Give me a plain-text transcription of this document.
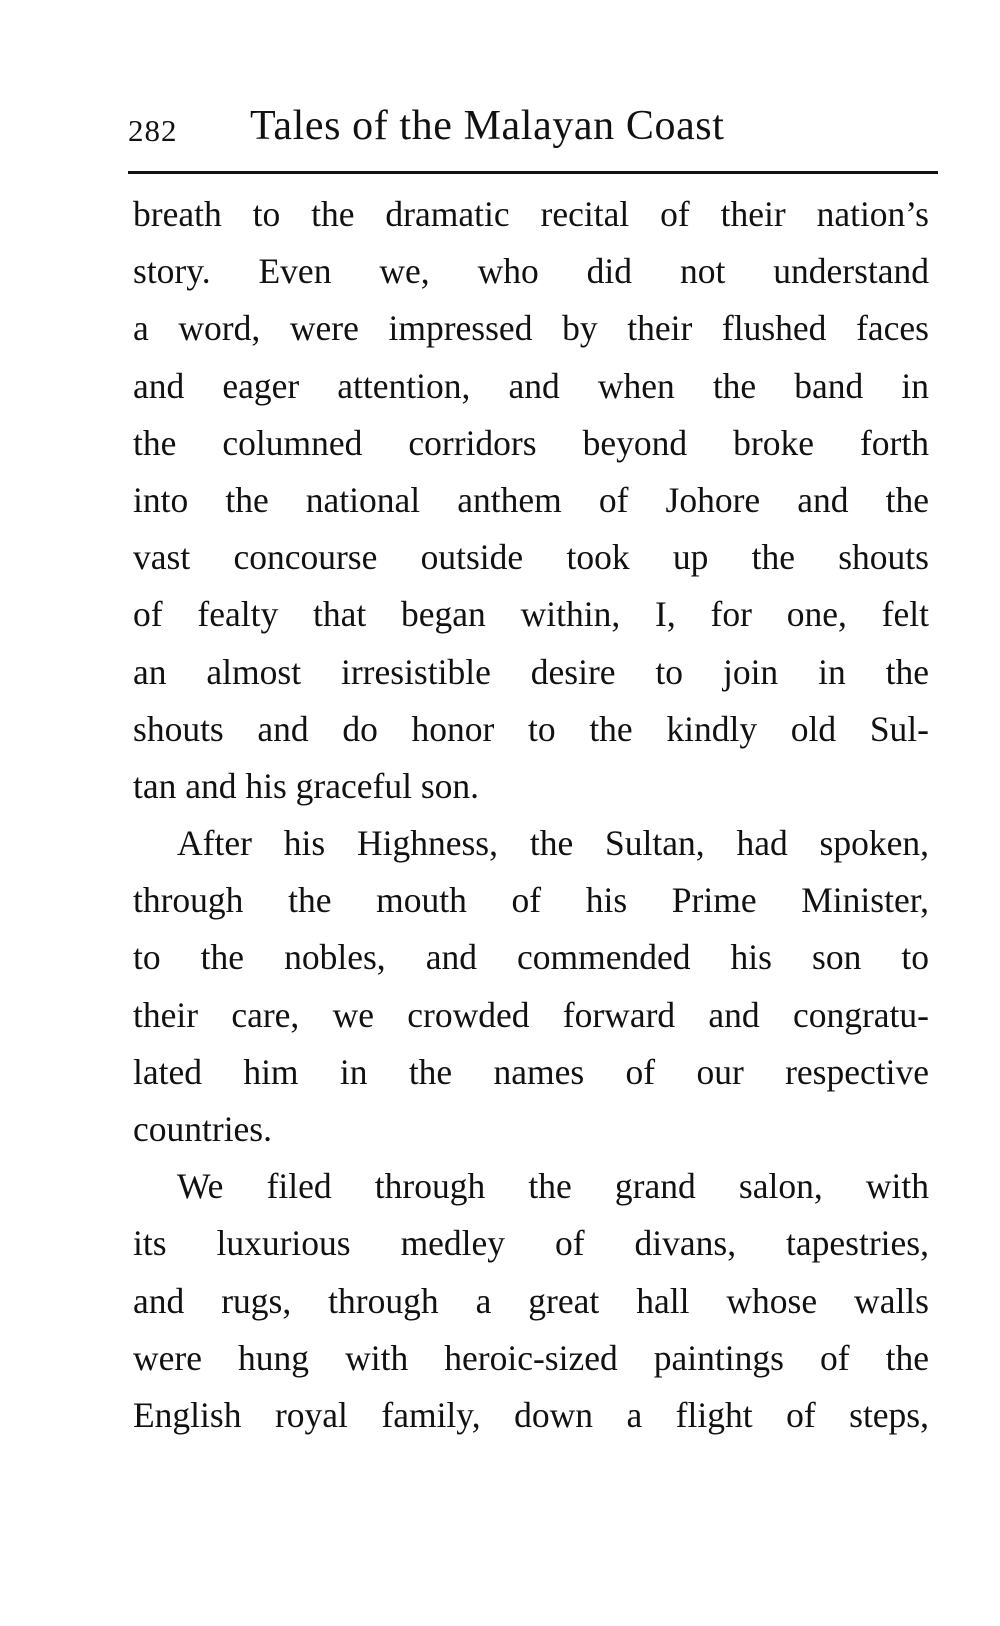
282 Tales of the Malayan Coast
breath to the dramatic recital of their nation’s
story. Even we, who did not understand
a word, were impressed by their flushed faces
and eager attention, and when the band in
the columned corridors beyond broke forth
into the national anthem of Johore and the
vast concourse outside took up the shouts
of fealty that began within, I, for one, felt
an almost irresistible desire to join in the
shouts and do honor to the kindly old Sul-
tan and his graceful son.
After his Highness, the Sultan, had spoken,
through the mouth of his Prime Minister,
to the nobles, and commended his son to
their care, we crowded forward and congratu-
lated him in the names of our respective
countries.
We filed through the grand salon, with
its luxurious medley of divans, tapestries,
and rugs, through a great hall whose walls
were hung with heroic-sized paintings of the
English royal family, down a flight of steps,
